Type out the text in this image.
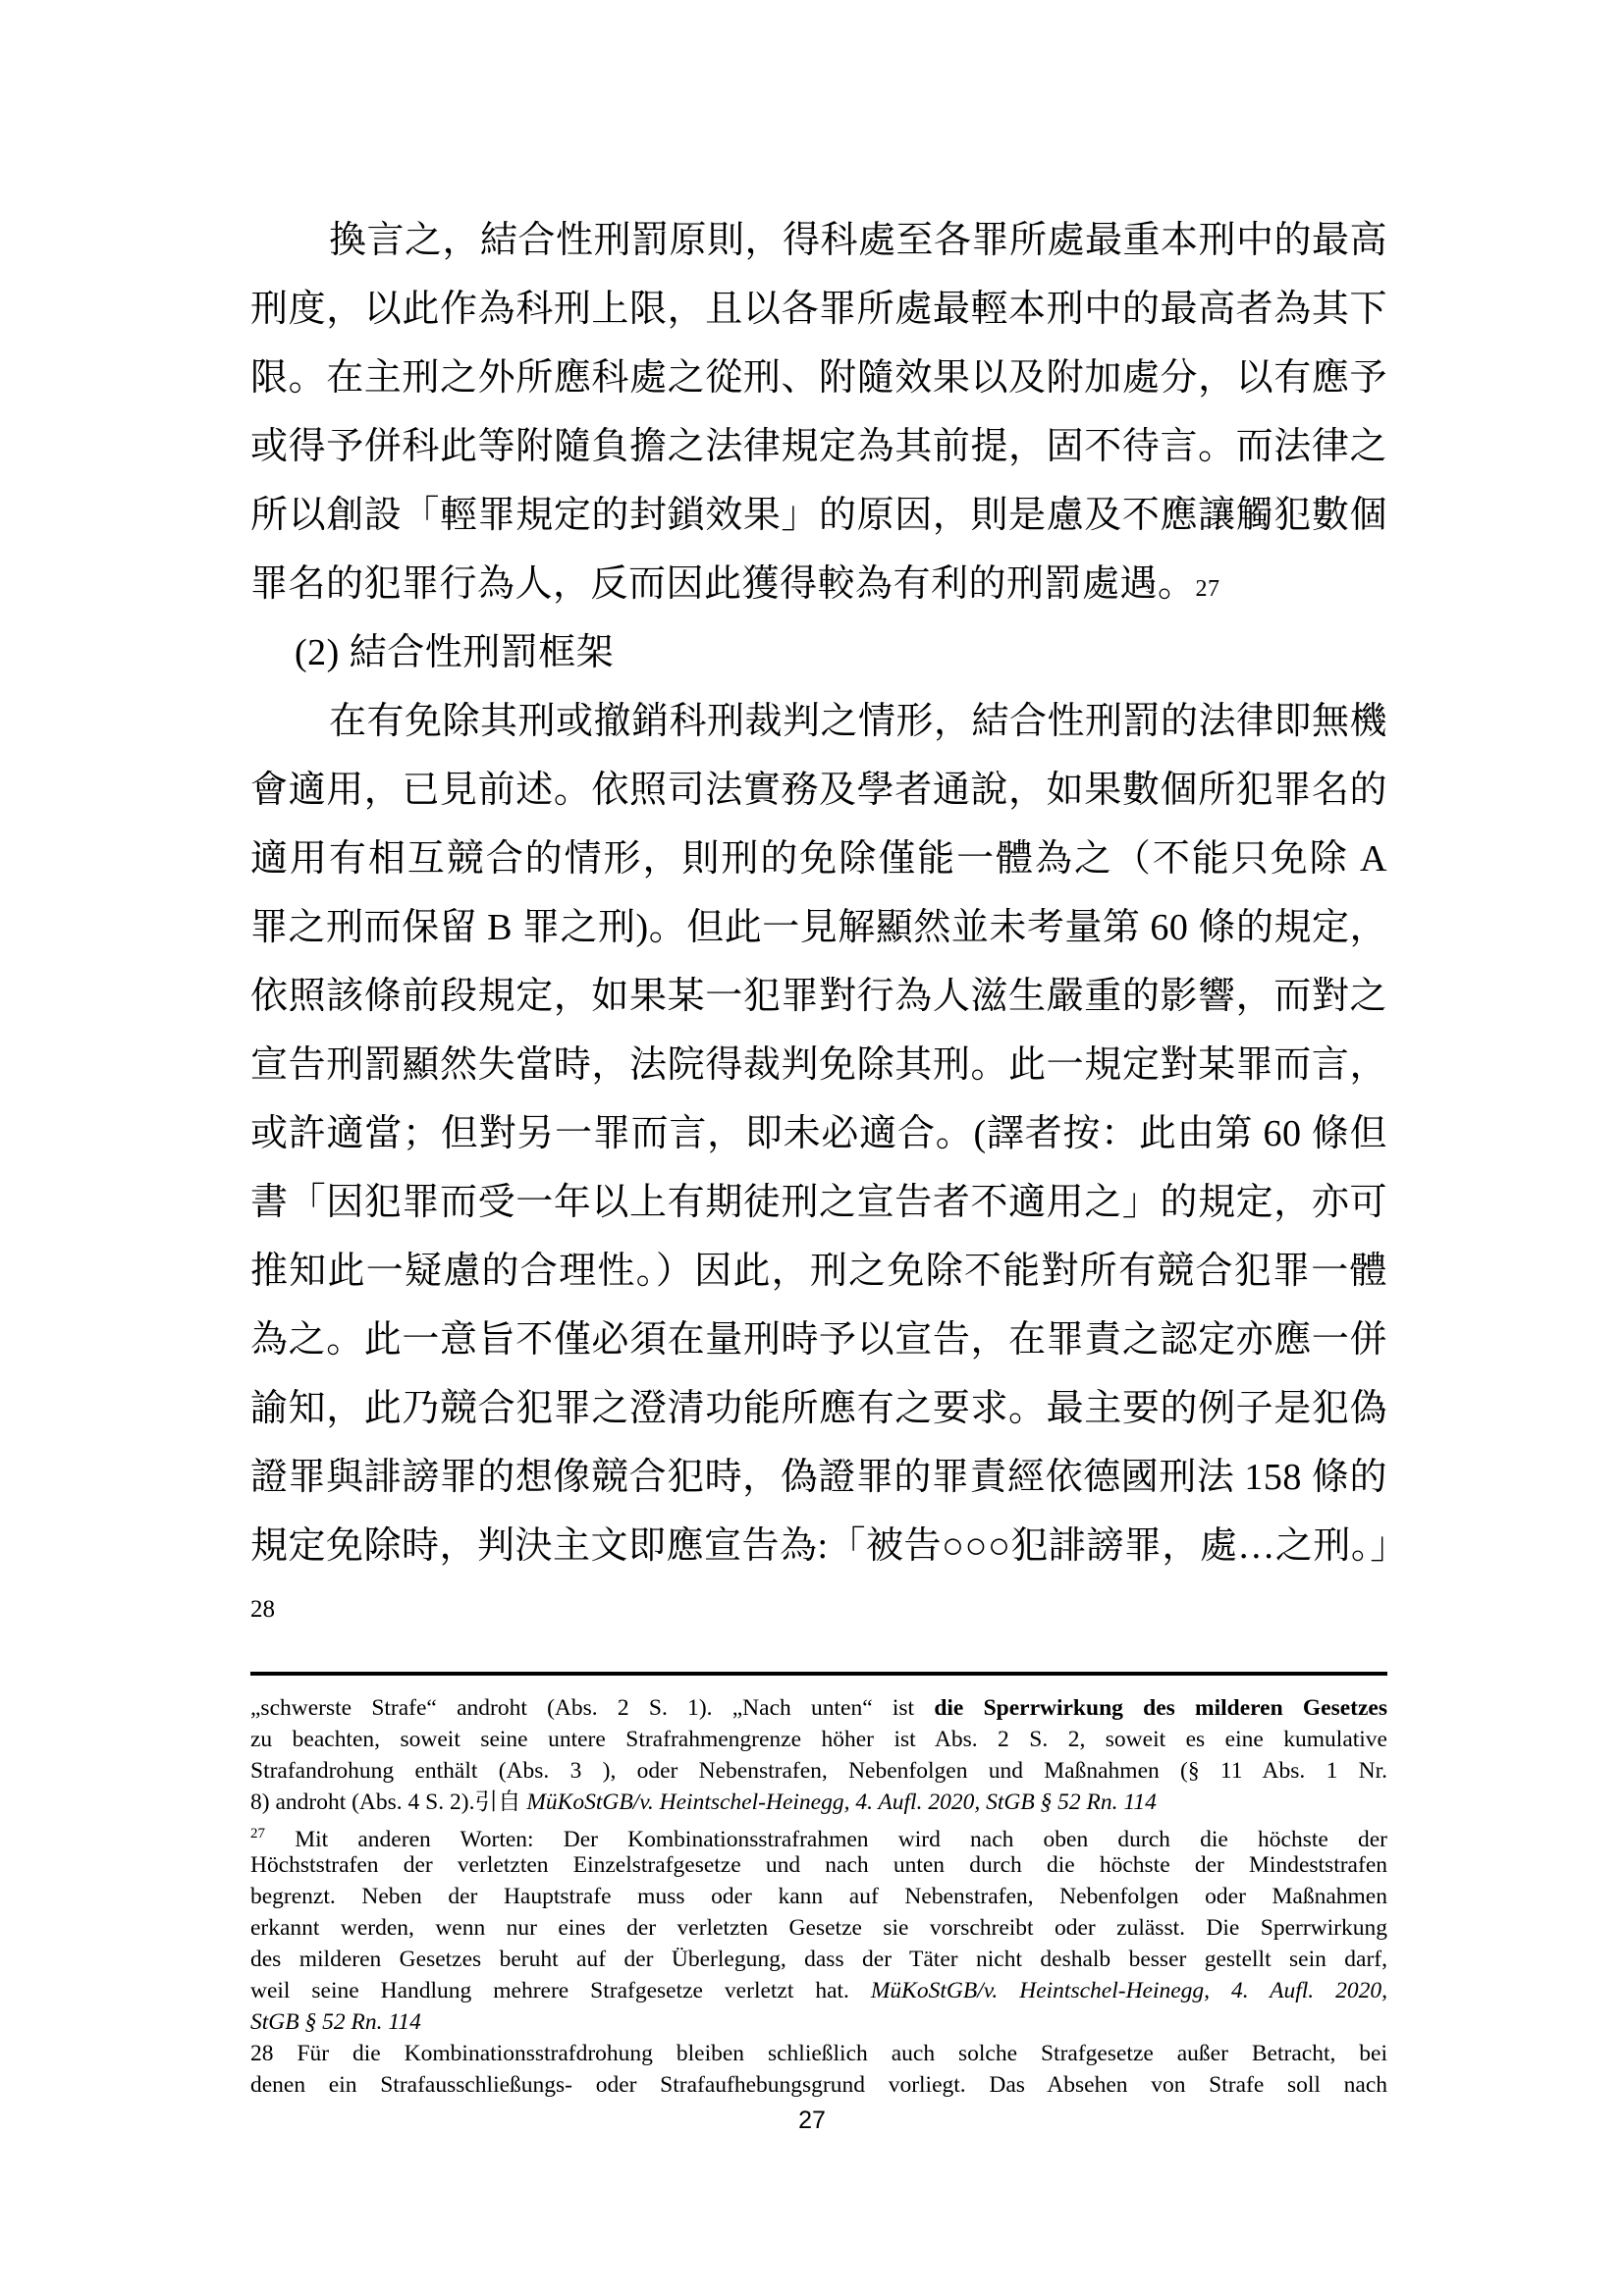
換言之，結合性刑罰原則，得科處至各罪所處最重本刑中的最高
刑度，以此作為科刑上限，且以各罪所處最輕本刑中的最高者為其下
限。在主刑之外所應科處之從刑、附隨效果以及附加處分，以有應予
或得予併科此等附隨負擔之法律規定為其前提，固不待言。而法律之
所以創設「輕罪規定的封鎖效果」的原因，則是慮及不應讓觸犯數個
罪名的犯罪行為人，反而因此獲得較為有利的刑罰處遇。27
(2) 結合性刑罰框架
在有免除其刑或撤銷科刑裁判之情形，結合性刑罰的法律即無機
會適用，已見前述。依照司法實務及學者通說，如果數個所犯罪名的
適用有相互競合的情形，則刑的免除僅能一體為之（不能只免除 A
罪之刑而保留 B 罪之刑)。但此一見解顯然並未考量第 60 條的規定，
依照該條前段規定，如果某一犯罪對行為人滋生嚴重的影響，而對之
宣告刑罰顯然失當時，法院得裁判免除其刑。此一規定對某罪而言，
或許適當；但對另一罪而言，即未必適合。(譯者按：此由第 60 條但
書「因犯罪而受一年以上有期徒刑之宣告者不適用之」的規定，亦可
推知此一疑慮的合理性。）因此，刑之免除不能對所有競合犯罪一體
為之。此一意旨不僅必須在量刑時予以宣告，在罪責之認定亦應一併
諭知，此乃競合犯罪之澄清功能所應有之要求。最主要的例子是犯偽
證罪與誹謗罪的想像競合犯時，偽證罪的罪責經依德國刑法 158 條的
規定免除時，判決主文即應宣告為:「被告○○○犯誹謗罪，處…之刑。」
28
„schwerste Strafe“ androht (Abs. 2 S. 1). „Nach unten“ ist die Sperrwirkung des milderen Gesetzes
zu beachten, soweit seine untere Strafrahmengrenze höher ist Abs. 2 S. 2, soweit es eine kumulative
Strafandrohung enthält (Abs. 3 ), oder Nebenstrafen, Nebenfolgen und Maßnahmen (§ 11 Abs. 1 Nr.
8) androht (Abs. 4 S. 2).引自 MüKoStGB/v. Heintschel-Heinegg, 4. Aufl. 2020, StGB § 52 Rn. 114
$^{27}$ Mit anderen Worten: Der Kombinationsstrafrahmen wird nach oben durch die höchste der
Höchststrafen der verletzten Einzelstrafgesetze und nach unten durch die höchste der Mindeststrafen
begrenzt. Neben der Hauptstrafe muss oder kann auf Nebenstrafen, Nebenfolgen oder Maßnahmen
erkannt werden, wenn nur eines der verletzten Gesetze sie vorschreibt oder zulässt. Die Sperrwirkung
des milderen Gesetzes beruht auf der Überlegung, dass der Täter nicht deshalb besser gestellt sein darf,
weil seine Handlung mehrere Strafgesetze verletzt hat. MüKoStGB/v. Heintschel-Heinegg, 4. Aufl. 2020,
StGB § 52 Rn. 114
28 Für die Kombinationsstrafdrohung bleiben schließlich auch solche Strafgesetze außer Betracht, bei
denen ein Strafausschließungs- oder Strafaufhebungsgrund vorliegt. Das Absehen von Strafe soll nach
27
